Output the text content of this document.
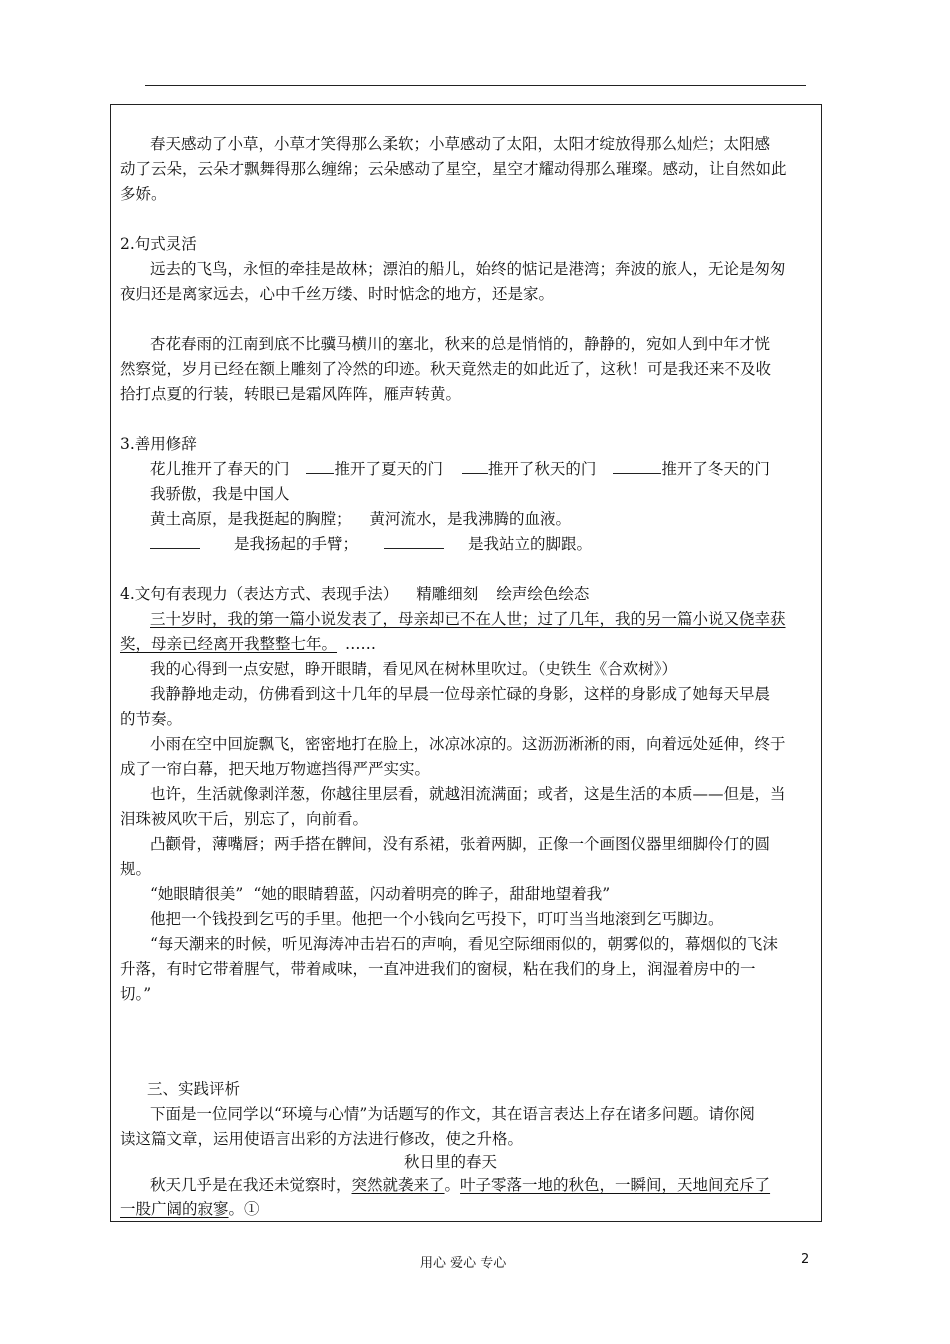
春天感动了小草，小草才笑得那么柔软；小草感动了太阳，太阳才绽放得那么灿烂；太阳感
动了云朵，云朵才飘舞得那么缠绵；云朵感动了星空，星空才耀动得那么璀璨。感动，让自然如此
多娇。
2.句式灵活
远去的飞鸟，永恒的牵挂是故林；漂泊的船儿，始终的惦记是港湾；奔波的旅人，无论是匆匆
夜归还是离家远去，心中千丝万缕、时时惦念的地方，还是家。
杏花春雨的江南到底不比骥马横川的塞北，秋来的总是悄悄的，静静的，宛如人到中年才恍
然察觉，岁月已经在额上雕刻了冷然的印迹。秋天竟然走的如此近了，这秋！可是我还来不及收
拾打点夏的行装，转眼已是霜风阵阵，雁声转黄。
3.善用修辞
花儿推开了春天的门	推开了夏天的门	推开了秋天的门	推开了冬天的门
我骄傲，我是中国人
黄土高原，是我挺起的胸膛； 黄河流水，是我沸腾的血液。
是我扬起的手臂；	是我站立的脚跟。
4.文句有表现力（表达方式、表现手法） 精雕细刻 绘声绘色绘态
三十岁时，我的第一篇小说发表了，母亲却已不在人世；过了几年，我的另一篇小说又侥幸获
奖，母亲已经离开我整整七年。 ……
我的心得到一点安慰，睁开眼睛，看见风在树林里吹过。（史铁生《合欢树》）
我静静地走动，仿佛看到这十几年的早晨一位母亲忙碌的身影，这样的身影成了她每天早晨
的节奏。
小雨在空中回旋飘飞，密密地打在脸上，冰凉冰凉的。这沥沥淅淅的雨，向着远处延伸，终于
成了一帘白幕，把天地万物遮挡得严严实实。
也许，生活就像剥洋葱，你越往里层看，就越泪流满面；或者，这是生活的本质——但是，当
泪珠被风吹干后，别忘了，向前看。
凸颧骨，薄嘴唇；两手搭在髀间，没有系裙，张着两脚，正像一个画图仪器里细脚伶仃的圆
规。
“她眼睛很美” “她的眼睛碧蓝，闪动着明亮的眸子，甜甜地望着我”
他把一个钱投到乞丐的手里。他把一个小钱向乞丐投下，叮叮当当地滚到乞丐脚边。
“每天潮来的时候，听见海涛冲击岩石的声响，看见空际细雨似的，朝雾似的，幕烟似的飞沫
升落，有时它带着腥气，带着咸味，一直冲进我们的窗棂，粘在我们的身上，润湿着房中的一
切。”
三、实践评析
下面是一位同学以“环境与心情”为话题写的作文，其在语言表达上存在诸多问题。请你阅
读这篇文章，运用使语言出彩的方法进行修改，使之升格。
秋日里的春天
秋天几乎是在我还未觉察时，突然就袭来了。叶子零落一地的秋色，一瞬间，天地间充斥了
一股广阔的寂寥。①
用心 爱心 专心	2
